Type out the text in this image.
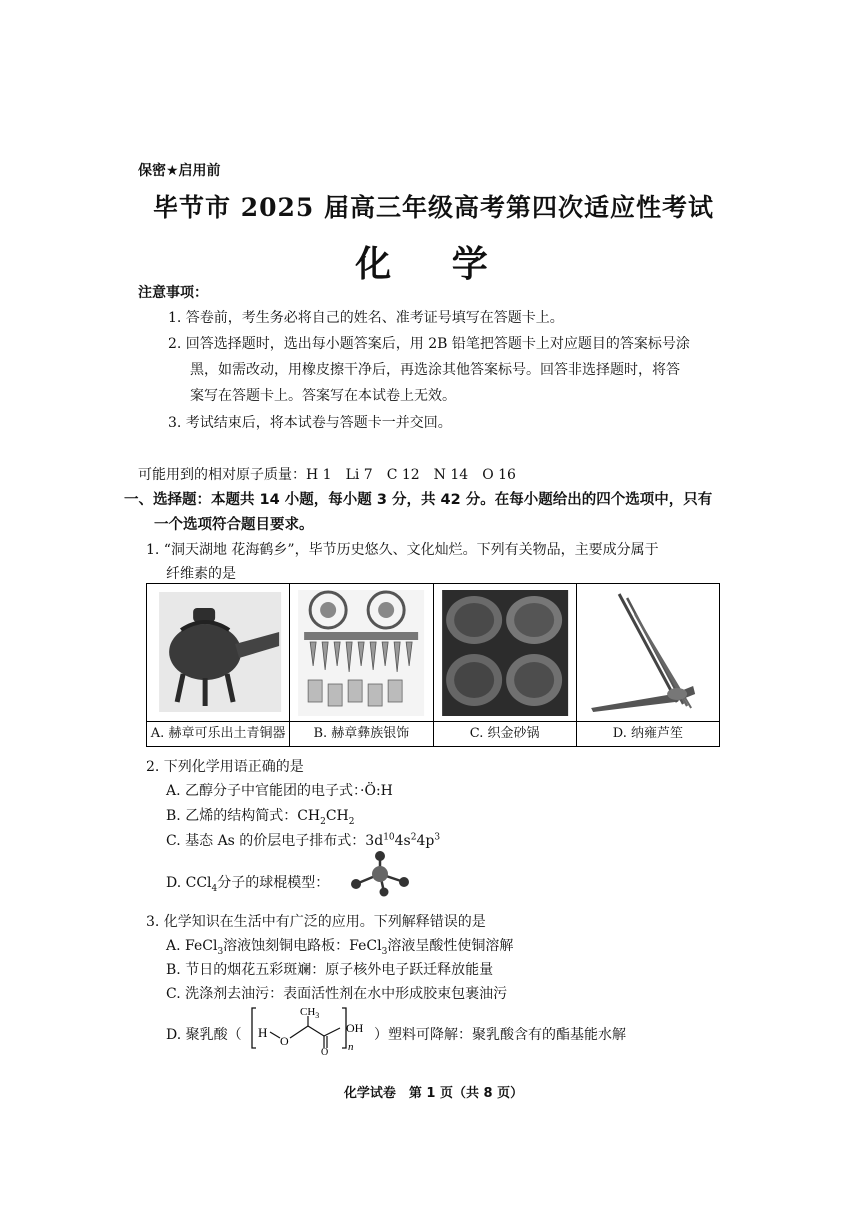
保密★启用前
毕节市 2025 届高三年级高考第四次适应性考试
化 学
注意事项：
1. 答卷前，考生务必将自己的姓名、准考证号填写在答题卡上。
2. 回答选择题时，选出每小题答案后，用 2B 铅笔把答题卡上对应题目的答案标号涂
黑，如需改动，用橡皮擦干净后，再选涂其他答案标号。回答非选择题时，将答
案写在答题卡上。答案写在本试卷上无效。
3. 考试结束后，将本试卷与答题卡一并交回。
可能用到的相对原子质量：H 1　Li 7　C 12　N 14　O 16
一、选择题：本题共 14 小题，每小题 3 分，共 42 分。在每小题给出的四个选项中，只有
一个选项符合题目要求。
1. “洞天湖地 花海鹤乡”，毕节历史悠久、文化灿烂。下列有关物品，主要成分属于
纤维素的是
A. 赫章可乐出土青铜器	B. 赫章彝族银饰	C. 织金砂锅	D. 纳雍芦笙
2. 下列化学用语正确的是
A. 乙醇分子中官能团的电子式：·Ö:H
B. 乙烯的结构简式：$CH_2CH_2$
C. 基态 As 的价层电子排布式：$3d^{10}4s^24p^3$
D. CCl$_4$分子的球棍模型：
3. 化学知识在生活中有广泛的应用。下列解释错误的是
A. FeCl$_3$溶液蚀刻铜电路板：FeCl$_3$溶液呈酸性使铜溶解
B. 节日的烟花五彩斑斓：原子核外电子跃迁释放能量
C. 洗涤剂去油污：表面活性剂在水中形成胶束包裹油污
D. 聚乳酸（ H
O
$CH_3$
O n
OH ）塑料可降解：聚乳酸含有的酯基能水解
化学试卷　第 1 页（共 8 页）
